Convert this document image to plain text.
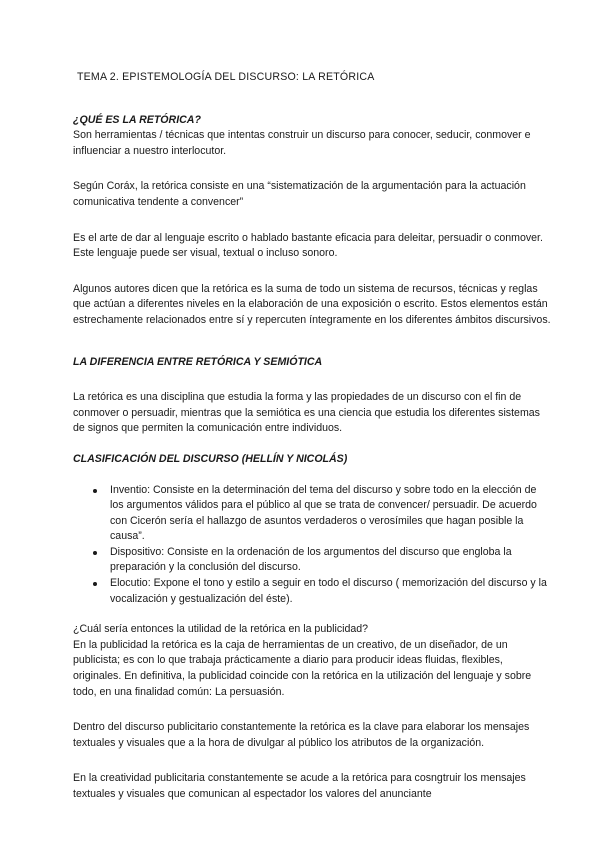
TEMA 2. EPISTEMOLOGÍA DEL DISCURSO: LA RETÓRICA
¿QUÉ ES LA RETÓRICA?

Son herramientas / técnicas que intentas construir un discurso para conocer, seducir, conmover e influenciar a nuestro interlocutor.

Según Coráx, la retórica consiste en una “sistematización de la argumentación para la actuación comunicativa tendente a convencer”

Es el arte de dar al lenguaje escrito o hablado bastante eficacia para deleitar, persuadir o conmover. Este lenguaje puede ser visual, textual o incluso sonoro.

Algunos autores dicen que la retórica es la suma de todo un sistema de recursos, técnicas y reglas que actúan a diferentes niveles en la elaboración de una exposición o escrito. Estos elementos están estrechamente relacionados entre sí y repercuten íntegramente en los diferentes ámbitos discursivos.

LA DIFERENCIA ENTRE RETÓRICA Y SEMIÓTICA

La retórica es una disciplina que estudia la forma y las propiedades de un discurso con el fin de conmover o persuadir, mientras que la semiótica es una ciencia que estudia los diferentes sistemas de signos que permiten la comunicación entre individuos.

CLASIFICACIÓN DEL DISCURSO (HELLÍN Y NICOLÁS)
Inventio: Consiste en la determinación del tema del discurso y sobre todo en la elección de los argumentos válidos para el público al que se trata de convencer/ persuadir. De acuerdo con Cicerón sería el hallazgo de asuntos verdaderos o verosímiles que hagan posible la causa”.
Dispositivo: Consiste en la ordenación de los argumentos del discurso que engloba la preparación y la conclusión del discurso.
Elocutio: Expone el tono y estilo a seguir en todo el discurso ( memorización del discurso y la vocalización y gestualización del éste).

¿Cuál sería entonces la utilidad de la retórica en la publicidad?

En la publicidad la retórica es la caja de herramientas de un creativo, de un diseñador, de un publicista; es con lo que trabaja prácticamente a diario para producir ideas fluidas, flexibles, originales. En definitiva, la publicidad coincide con la retórica en la utilización del lenguaje y sobre todo, en una finalidad común: La persuasión.

Dentro del discurso publicitario constantemente la retórica es la clave para elaborar los mensajes textuales y visuales que a la hora de divulgar al público los atributos de la organización.

En la creatividad publicitaria constantemente se acude a la retórica para cosngtruir los mensajes textuales y visuales que comunican al espectador los valores del anunciante
